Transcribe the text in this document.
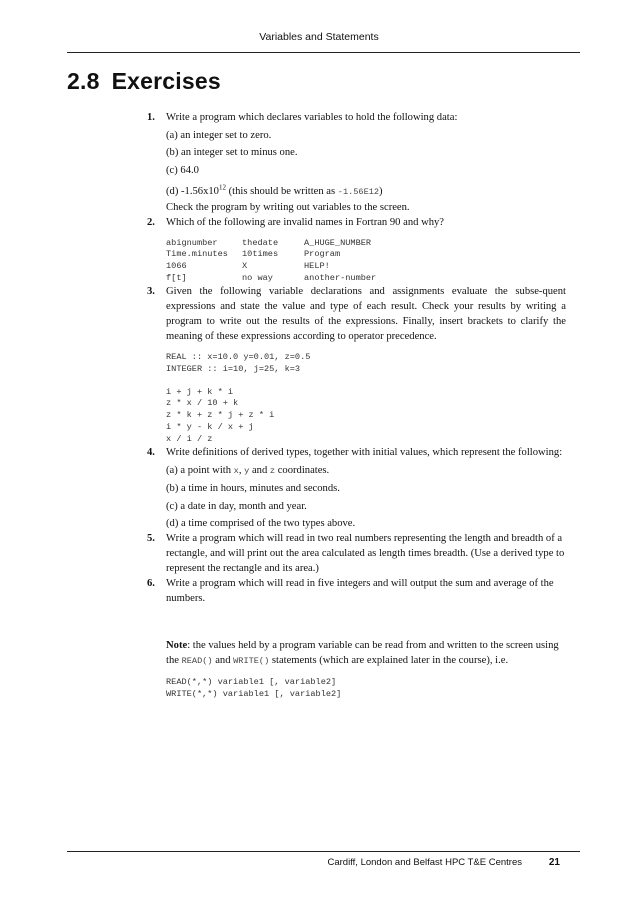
Variables and Statements
2.8 Exercises
1. Write a program which declares variables to hold the following data:

(a) an integer set to zero.

(b) an integer set to minus one.

(c) 64.0

(d) $-1.56x10^{12}$ (this should be written as -1.56E12)

Check the program by writing out variables to the screen.

2. Which of the following are invalid names in Fortran 90 and why?

abignumber	thedate	A_HUGE_NUMBER
Time.minutes	10times	Program
1066	X	HELP!
f[t]	no way	another-number
3. Given the following variable declarations and assignments evaluate the subse-quent expressions and state the value and type of each result. Check your results by writing a program to write out the results of the expressions. Finally, insert brackets to clarify the meaning of these expressions according to operator precedence.

REAL :: x=10.0 y=0.01, z=0.5
INTEGER :: i=10, j=25, k=3
i + j + k * i
z * x / 10 + k
z * k + z * j + z * i
i * y - k / x + j
x / i / z
4. Write definitions of derived types, together with initial values, which represent the following:

(a) a point with x, y and z coordinates.

(b) a time in hours, minutes and seconds.

(c) a date in day, month and year.

(d) a time comprised of the two types above.

5. Write a program which will read in two real numbers representing the length and breadth of a rectangle, and will print out the area calculated as length times breadth. (Use a derived type to represent the rectangle and its area.)

6. Write a program which will read in five integers and will output the sum and average of the numbers.

Note: the values held by a program variable can be read from and written to the screen using the READ() and WRITE() statements (which are explained later in the course), i.e.

READ(*,*) variable1 [, variable2]
WRITE(*,*) variable1 [, variable2]
Cardiff, London and Belfast HPC T&E Centres	21
